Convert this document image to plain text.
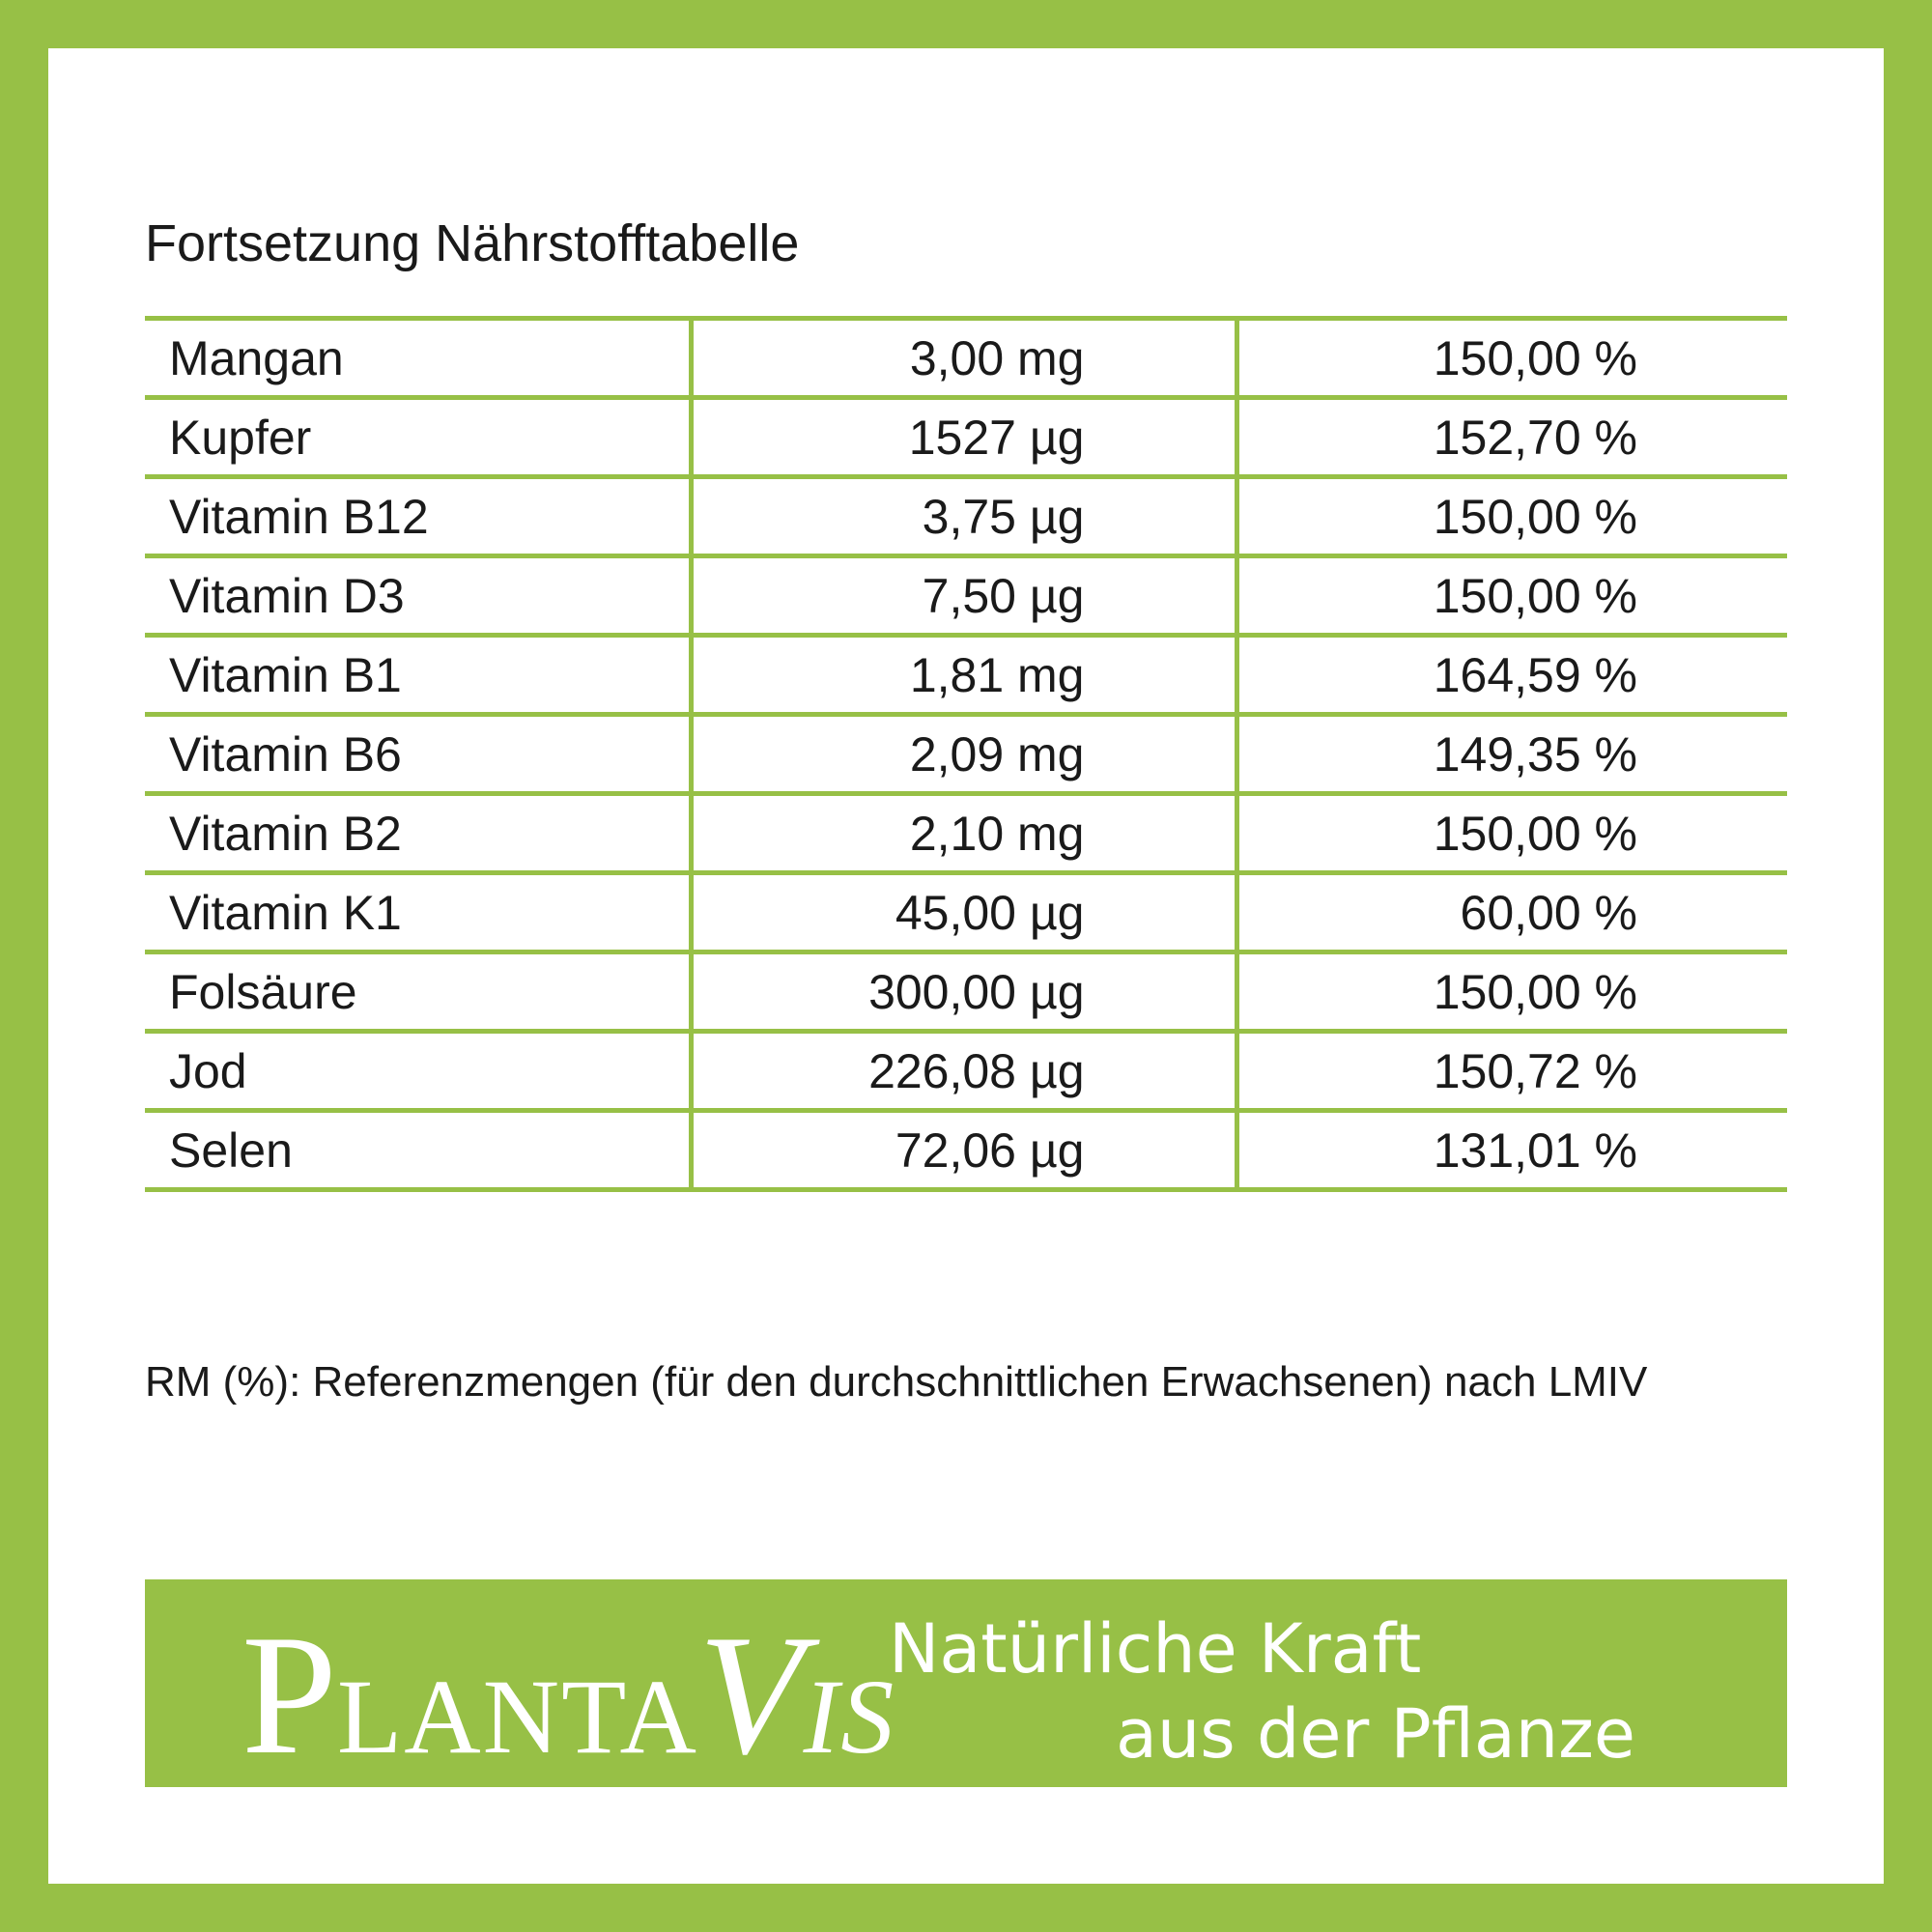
Fortsetzung Nährstofftabelle
Mangan	3,00 mg	150,00 %
Kupfer	1527 µg	152,70 %
Vitamin B12	3,75 µg	150,00 %
Vitamin D3	7,50 µg	150,00 %
Vitamin B1	1,81 mg	164,59 %
Vitamin B6	2,09 mg	149,35 %
Vitamin B2	2,10 mg	150,00 %
Vitamin K1	45,00 µg	60,00 %
Folsäure	300,00 µg	150,00 %
Jod	226,08 µg	150,72 %
Selen	72,06 µg	131,01 %
RM (%): Referenzmengen (für den durchschnittlichen Erwachsenen) nach LMIV
PLANTAVIS
Natürliche Kraft
aus der Pflanze
